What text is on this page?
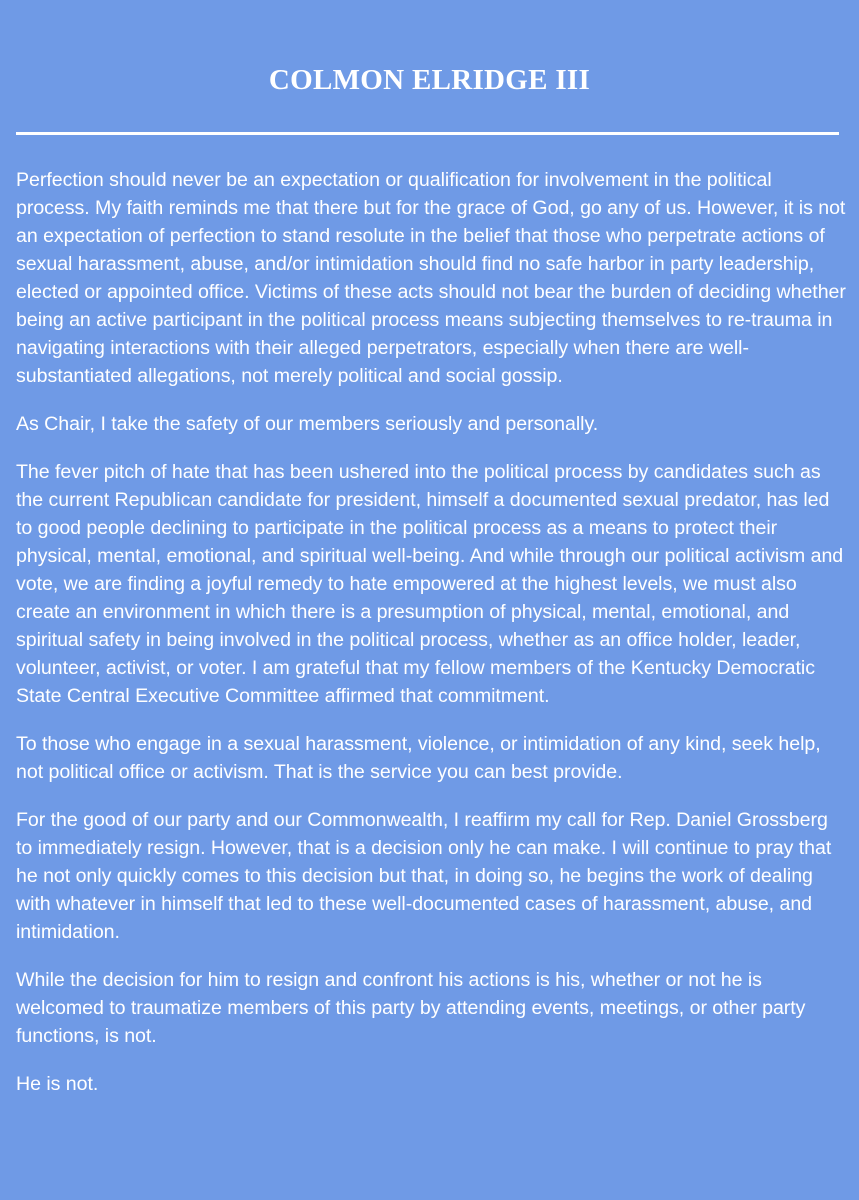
COLMON ELRIDGE III

Perfection should never be an expectation or qualification for involvement in the political process. My faith reminds me that there but for the grace of God, go any of us. However, it is not an expectation of perfection to stand resolute in the belief that those who perpetrate actions of sexual harassment, abuse, and/or intimidation should find no safe harbor in party leadership, elected or appointed office. Victims of these acts should not bear the burden of deciding whether being an active participant in the political process means subjecting themselves to re-trauma in navigating interactions with their alleged perpetrators, especially when there are well-substantiated allegations, not merely political and social gossip.

As Chair, I take the safety of our members seriously and personally.

The fever pitch of hate that has been ushered into the political process by candidates such as the current Republican candidate for president, himself a documented sexual predator, has led to good people declining to participate in the political process as a means to protect their physical, mental, emotional, and spiritual well-being. And while through our political activism and vote, we are finding a joyful remedy to hate empowered at the highest levels, we must also create an environment in which there is a presumption of physical, mental, emotional, and spiritual safety in being involved in the political process, whether as an office holder, leader, volunteer, activist, or voter. I am grateful that my fellow members of the Kentucky Democratic State Central Executive Committee affirmed that commitment.

To those who engage in a sexual harassment, violence, or intimidation of any kind, seek help, not political office or activism. That is the service you can best provide.

For the good of our party and our Commonwealth, I reaffirm my call for Rep. Daniel Grossberg to immediately resign. However, that is a decision only he can make. I will continue to pray that he not only quickly comes to this decision but that, in doing so, he begins the work of dealing with whatever in himself that led to these well-documented cases of harassment, abuse, and intimidation.

While the decision for him to resign and confront his actions is his, whether or not he is welcomed to traumatize members of this party by attending events, meetings, or other party functions, is not.

He is not.
